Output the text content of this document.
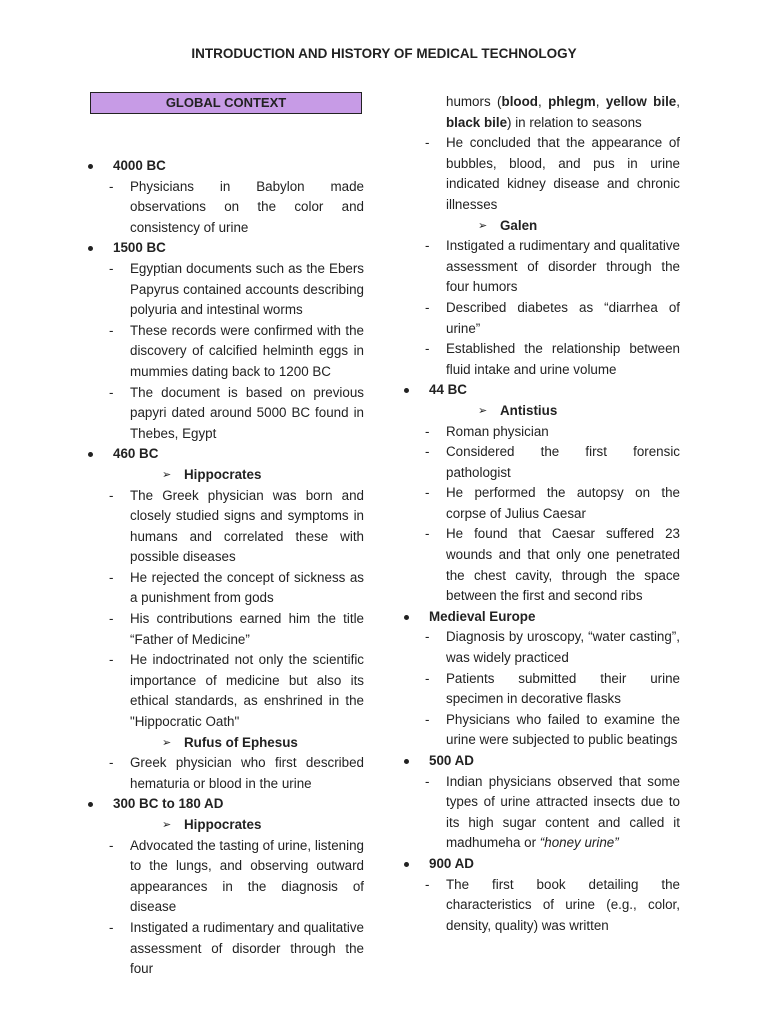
INTRODUCTION AND HISTORY OF MEDICAL TECHNOLOGY
GLOBAL CONTEXT
4000 BC
- Physicians in Babylon made observations on the color and consistency of urine
1500 BC
- Egyptian documents such as the Ebers Papyrus contained accounts describing polyuria and intestinal worms
- These records were confirmed with the discovery of calcified helminth eggs in mummies dating back to 1200 BC
- The document is based on previous papyri dated around 5000 BC found in Thebes, Egypt
460 BC
➢ Hippocrates
- The Greek physician was born and closely studied signs and symptoms in humans and correlated these with possible diseases
- He rejected the concept of sickness as a punishment from gods
- His contributions earned him the title “Father of Medicine”
- He indoctrinated not only the scientific importance of medicine but also its ethical standards, as enshrined in the "Hippocratic Oath"
➢ Rufus of Ephesus
- Greek physician who first described hematuria or blood in the urine
300 BC to 180 AD
➢ Hippocrates
- Advocated the tasting of urine, listening to the lungs, and observing outward appearances in the diagnosis of disease
- Instigated a rudimentary and qualitative assessment of disorder through the four
humors (blood, phlegm, yellow bile, black bile) in relation to seasons
- He concluded that the appearance of bubbles, blood, and pus in urine indicated kidney disease and chronic illnesses
➢ Galen
- Instigated a rudimentary and qualitative assessment of disorder through the four humors
- Described diabetes as “diarrhea of urine”
- Established the relationship between fluid intake and urine volume
44 BC
➢ Antistius
- Roman physician
- Considered the first forensic pathologist
- He performed the autopsy on the corpse of Julius Caesar
- He found that Caesar suffered 23 wounds and that only one penetrated the chest cavity, through the space between the first and second ribs
Medieval Europe
- Diagnosis by uroscopy, “water casting”, was widely practiced
- Patients submitted their urine specimen in decorative flasks
- Physicians who failed to examine the urine were subjected to public beatings
500 AD
- Indian physicians observed that some types of urine attracted insects due to its high sugar content and called it madhumeha or “honey urine”
900 AD
- The first book detailing the characteristics of urine (e.g., color, density, quality) was written
